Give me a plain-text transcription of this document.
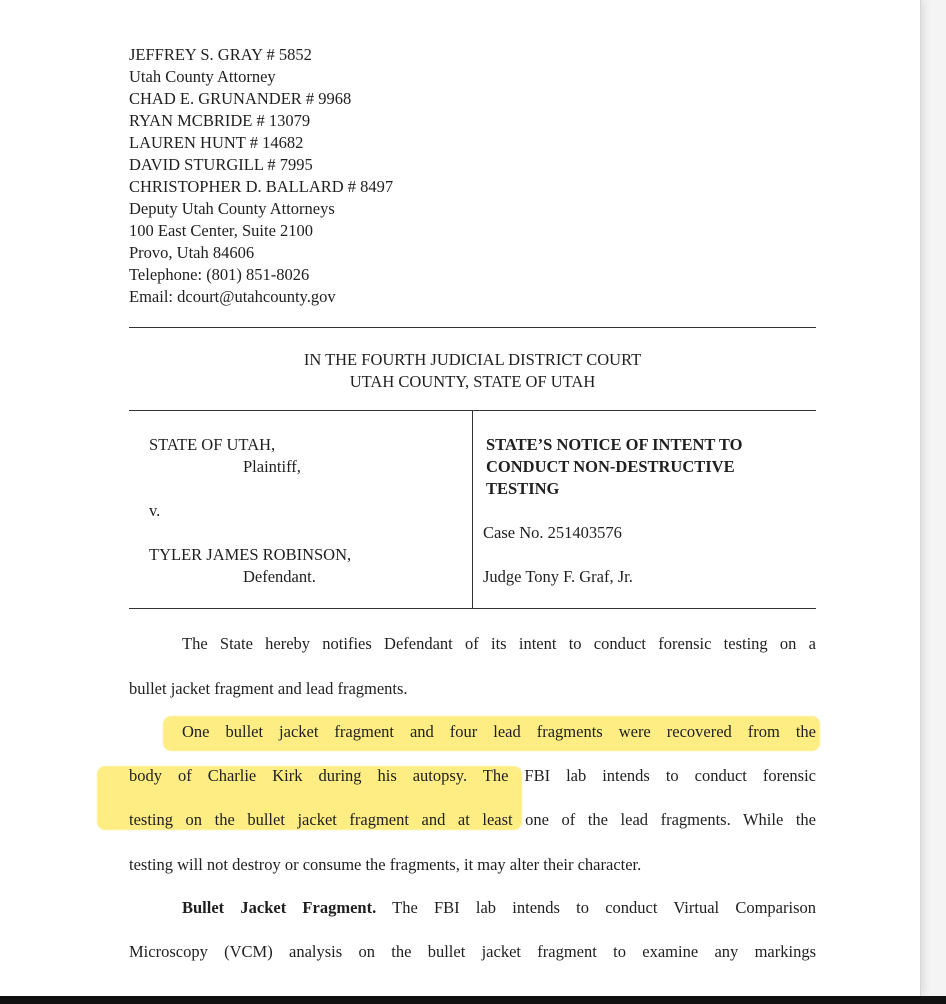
JEFFREY S. GRAY # 5852
Utah County Attorney
CHAD E. GRUNANDER # 9968
RYAN MCBRIDE # 13079
LAUREN HUNT # 14682
DAVID STURGILL # 7995
CHRISTOPHER D. BALLARD # 8497
Deputy Utah County Attorneys
100 East Center, Suite 2100
Provo, Utah 84606
Telephone: (801) 851-8026
Email: dcourt@utahcounty.gov
IN THE FOURTH JUDICIAL DISTRICT COURT
UTAH COUNTY, STATE OF UTAH
STATE OF UTAH,
Plaintiff,
v.
TYLER JAMES ROBINSON,
Defendant.
STATE’S NOTICE OF INTENT TO
CONDUCT NON-DESTRUCTIVE
TESTING
Case No. 251403576
Judge Tony F. Graf, Jr.
The State hereby notifies Defendant of its intent to conduct forensic testing on a
bullet jacket fragment and lead fragments.
One bullet jacket fragment and four lead fragments were recovered from the
body of Charlie Kirk during his autopsy. The FBI lab intends to conduct forensic
testing on the bullet jacket fragment and at least one of the lead fragments. While the
testing will not destroy or consume the fragments, it may alter their character.
Bullet Jacket Fragment. The FBI lab intends to conduct Virtual Comparison
Microscopy (VCM) analysis on the bullet jacket fragment to examine any markings
